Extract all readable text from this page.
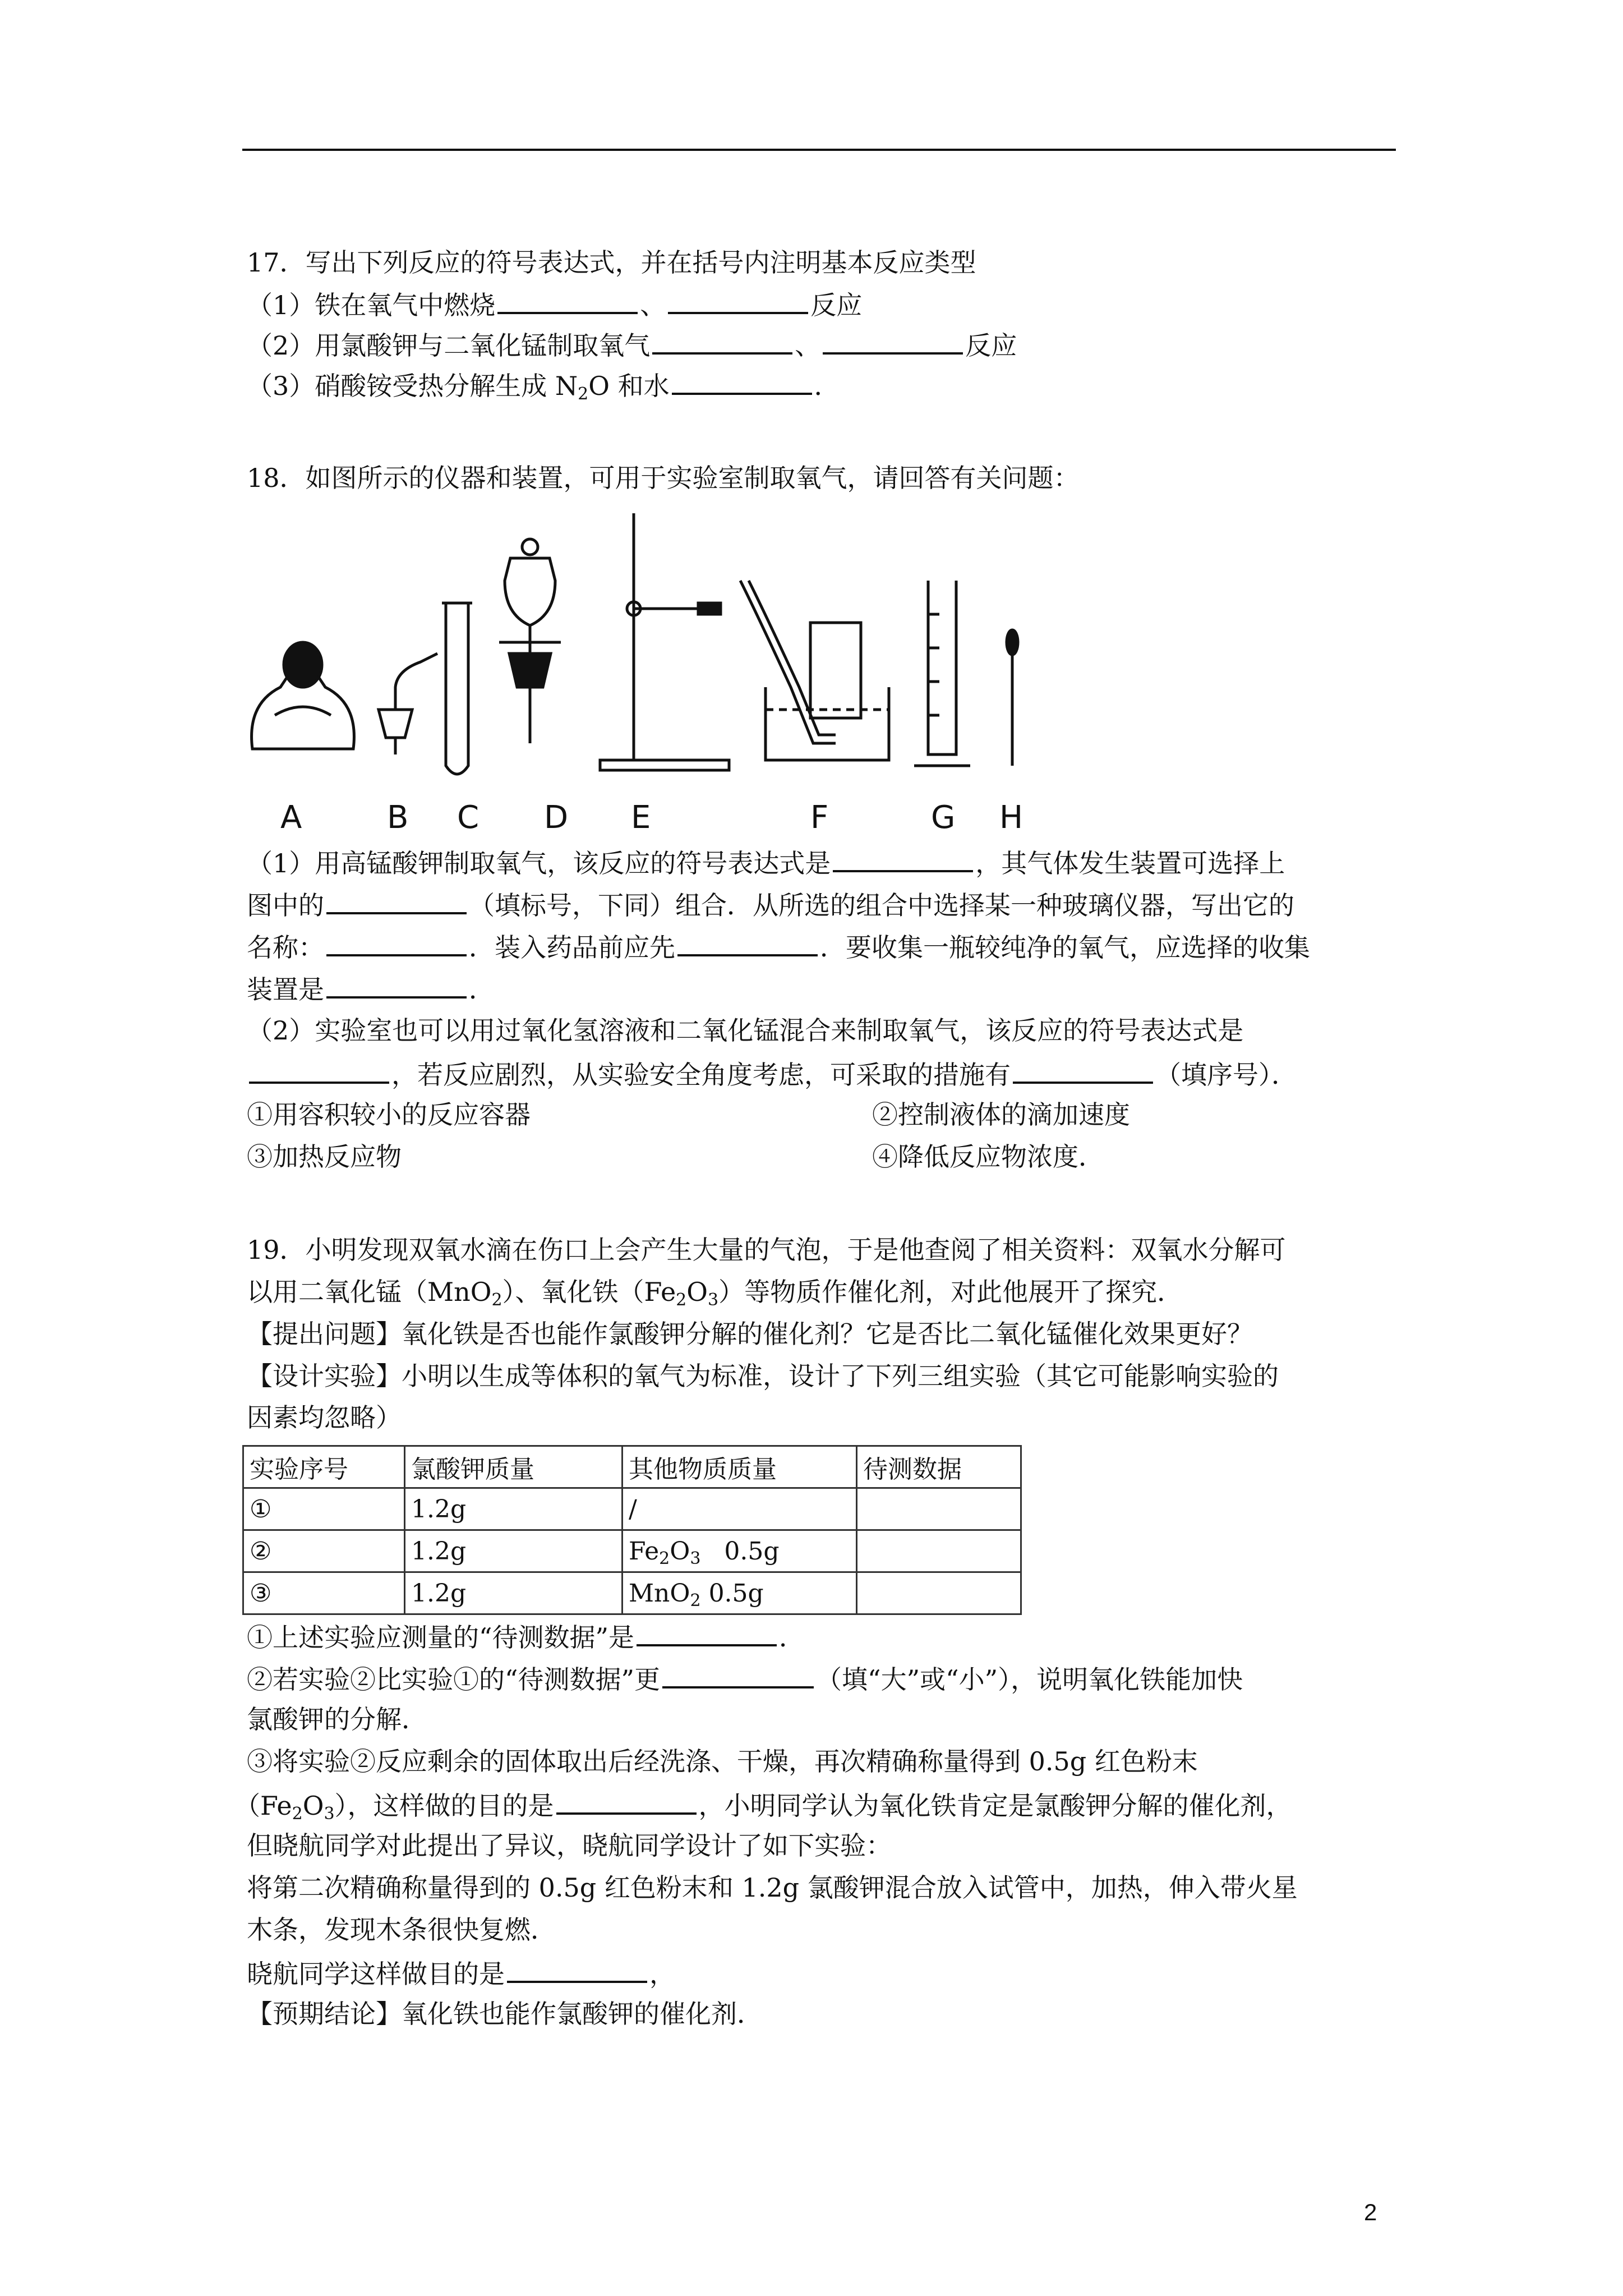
17．写出下列反应的符号表达式，并在括号内注明基本反应类型
（1）铁在氧气中燃烧	、	反应
（2）用氯酸钾与二氧化锰制取氧气	、	反应
（3）硝酸铵受热分解生成 $N_2O$ 和水	．
18．如图所示的仪器和装置，可用于实验室制取氧气，请回答有关问题：
A	B C D E	F	G H
（1）用高锰酸钾制取氧气，该反应的符号表达式是	，其气体发生装置可选择上
图中的	（填标号，下同）组合．从所选的组合中选择某一种玻璃仪器，写出它的
名称：	．装入药品前应先	．要收集一瓶较纯净的氧气，应选择的收集
装置是	．
（2）实验室也可以用过氧化氢溶液和二氧化锰混合来制取氧气，该反应的符号表达式是
，若反应剧烈，从实验安全角度考虑，可采取的措施有	（填序号）．
①用容积较小的反应容器	②控制液体的滴加速度
③加热反应物	④降低反应物浓度．
19．小明发现双氧水滴在伤口上会产生大量的气泡，于是他查阅了相关资料：双氧水分解可
以用二氧化锰（MnO$_2$）、氧化铁$(Fe_2O_3)$等物质作催化剂，对此他展开了探究．
【提出问题】氧化铁是否也能作氯酸钾分解的催化剂？它是否比二氧化锰催化效果更好？
【设计实验】小明以生成等体积的氧气为标准，设计了下列三组实验（其它可能影响实验的
因素均忽略）
实验序号	氯酸钾质量	其他物质质量	待测数据
①	1.2g	/	
②	1.2g	$Fe_2O_3$ 0.5g	
③	1.2g	MnO$_2$ 0.5g	
①上述实验应测量的“待测数据”是	．
②若实验②比实验①的“待测数据”更	（填“大”或“小”），说明氧化铁能加快
氯酸钾的分解．
③将实验②反应剩余的固体取出后经洗涤、干燥，再次精确称量得到 0.5g 红色粉末
$(Fe_2O_3)$，这样做的目的是	，小明同学认为氧化铁肯定是氯酸钾分解的催化剂，
但晓航同学对此提出了异议，晓航同学设计了如下实验：
将第二次精确称量得到的 0.5g 红色粉末和 1.2g 氯酸钾混合放入试管中，加热，伸入带火星
木条，发现木条很快复燃．
晓航同学这样做目的是	，
【预期结论】氧化铁也能作氯酸钾的催化剂．
2
